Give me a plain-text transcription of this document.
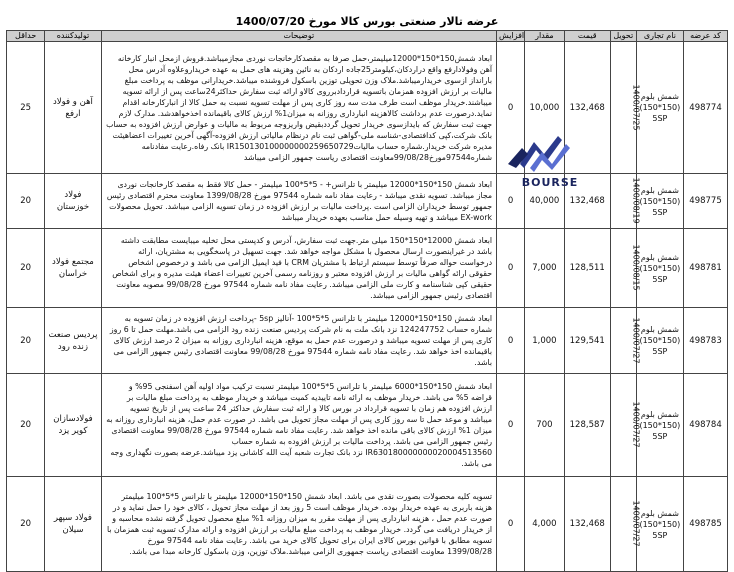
عرضه تالار صنعتی بورس کالا مورخ 1400/07/20
حداقل	تولیدکننده	توضیحات	افزایش	مقدار	قیمت	تحویل	نام تجاری	کد عرضه
25	آهن و فولاد ارفع	ابعاد شمش150*150*12000میلیمتر،حمل صرفا به مقصدکارخانجات نوردی مجازمیباشد.فروش ازمحل انبار کارخانه آهن وفولادارفع واقع دراردکان،کیلومتر25جاده اردکان به نائین وهزینه های حمل به عهده خریداروعلاوه آدرس محل بارانداز ازسوی خریدارمیباشد.ملاک وزن تحویلی توزین باسکول فروشنده میباشد.خریدارانی موظف به پرداخت مبلغ مالیات بر ارزش افزوده همزمان باتسویه قراردادبرروی کالاو ارائه ثبت سفارش حداکثر24ساعت پس از ارائه تسویه میباشند.خریدار موظف است طرف مدت سه روز کاری پس از مهلت تسویه نسبت به حمل کالا از انبارکارخانه اقدام نماید.درصورت عدم برداشت کالاهزینه انبارداری روزانه به میزان1% ارزش کالای باقیمانده اخذخواهدشد. مدارک لازم جهت ثبت سفارش که بایدازسوی خریدار تحویل گرددبقیض واریزوجه مربوط به مالیات و عوارض ارزش افزوده به حساب بانک شرکت،کپی کدافتصادی-شناسه ملی-گواهی ثبت نام درنظام مالیاتی ارزش افزوده-آگهی آخرین تغییرات اعضاهیئت مدیره شرکت خریدار.شماره حساب مالیاتIR150130100000000259650729 بانک رفاه.رعایت مفادنامه شماره97544مورخ99/08/28معاونت اقتصادی ریاست جمهور الزامی میباشد	0	10,000	132,468	1400/07/25	شمش بلوم (150*150) 5SP	498774
20	فولاد خوزستان	ابعاد شمش 150*150*12000 میلیمتر با تلرانس+ - 5*5*100 میلیمتر - حمل کالا فقط به مقصد کارخانجات نوردی مجاز میباشد. تسویه نقدی میباشد - رعایت مفاد نامه شماره 97544 مورخ 1399/08/28 معاونت محترم اقتصادی رئیس جمهور توسط خریداران الزامی است .پرداخت مالیات بر ارزش افزوده در زمان تسویه الزامی میباشد. تحویل محصولات EX-work میباشد و تهیه وسیله حمل مناسب بعهده خریدار میباشد	0	40,000	132,468	1400/08/19	شمش بلوم (150*150) 5SP	498775
20	مجتمع فولاد خراسان	ابعاد شمش 12000*150*150 میلی متر.جهت ثبت سفارش، آدرس و کدپستی محل تخلیه میبایست مطابقت داشته باشد در غیراینصورت ارسال محصول با مشکل مواجه خواهد شد. جهت تسهیل در پاسخگویی به مشتریان، ارائه درخواست حواله صرفاً توسط سیستم ارتباط با مشتریان CRM با فید ایمیل الزامی می باشد و درخصوص اشخاص حقوقی ارائه گواهی مالیات بر ارزش افزوده معتبر و روزنامه رسمی آخرین تغییرات اعضاء هیئت مدیره و برای اشخاص حقیقی کپی شناسنامه و کارت ملی الزامی میباشد. رعایت مفاد نامه شماره 97544 مورخ 99/08/28 مصوبه معاونت اقتصادی رئیس جمهور الزامی میباشد.	0	7,000	128,511	1400/08/15	شمش بلوم (150*150) 5SP	498781
20	پردیس صنعت زنده رود	ابعاد شمش 150*150*12000 میلیمتر با تلرانس 5*5*100 -آنالیز 5sp -پرداخت ارزش افزوده در زمان تسویه به شماره حساب 124247752 نزد بانک ملت به نام شرکت پردیس صنعت زنده رود الزامی می باشد.مهلت حمل تا 6 روز کاری پس از مهلت تسویه میباشد و درصورت عدم حمل به موقع، هزینه انبارداری روزانه به میزان 2 درصد ارزش کالای باقیمانده اخذ خواهد شد. رعایت مفاد نامه شماره 97544 مورخ 99/08/28 معاونت اقتصادی رئیس جمهور الزامی می باشد.	0	1,000	129,541	1400/07/27	شمش بلوم (150*150) 5SP	498783
20	فولادسازان کویر یزد	ابعاد شمش 150*150*6000 میلیمتر با تلرانس 5*5*100 میلیمتر نسبت ترکیب مواد اولیه آهن اسفنجی 95% و قراضه 5% می باشد. خریدار موظف به ارائه نامه تاییدیه کمیت میباشد و خریدار موظف به پرداخت مبلغ مالیات بر ارزش افزوده هم زمان با تسویه قرارداد در بورس کالا و ارائه ثبت سفارش حداکثر 24 ساعت پس از تاریخ تسویه میباشد و موعد حمل تا سه روز کاری پس از مهلت مجاز تحویل می باشد. در صورت عدم حمل، هزینه انبارداری روزانه به میزان 1% ارزش کالای باقی مانده اخذ خواهد شد. رعایت مفاد نامه شماره 97544 مورخ 99/08/28 معاونت اقتصادی رئیس جمهور الزامی می باشد. پرداخت مالیات بر ارزش افزوده به شماره حساب IR630180000000020004513560 نزد بانک تجارت شعبه آیت الله کاشانی یزد میباشد.عرضه بصورت نگهداری وجه می باشد.	0	700	128,587	1400/07/27	شمش بلوم (150*150) 5SP	498784
20	فولاد سپهر سیلان	تسویه کلیه محصولات بصورت نقدی می باشد. ابعاد شمش 150*150*12000 میلیمتر با تلرانس 5*5*100 میلیمتر هزینه باربری به عهده خریدار بوده. خریدار موظف است 5 روز بعد از مهلت مجاز تحویل ، کالای خود را حمل نماید و در صورت عدم حمل ، هزینه انبارداری پس از مهلت مقرر به میزان روزانه 1% مبلغ محصول تحویل گرفته نشده محاسبه و از خریدار دریافت می گردد. خریدار موظف به پرداخت مبلغ مالیات بر ارزش افزوده و ارائه مدارک تسویه ثبت همزمان با تسویه مطابق با قوانین بورس کالای ایران برای تحویل کالای خرید می باشد. رعایت مفاد نامه 97544 مورخ 1399/08/28 معاونت اقتصادی ریاست جمهوری الزامی میباشد.ملاک توزین، وزن باسکول کارخانه مبدا می باشد.	0	4,000	132,468	1400/07/27	شمش بلوم (150*150) 5SP	498785
BOURSE
